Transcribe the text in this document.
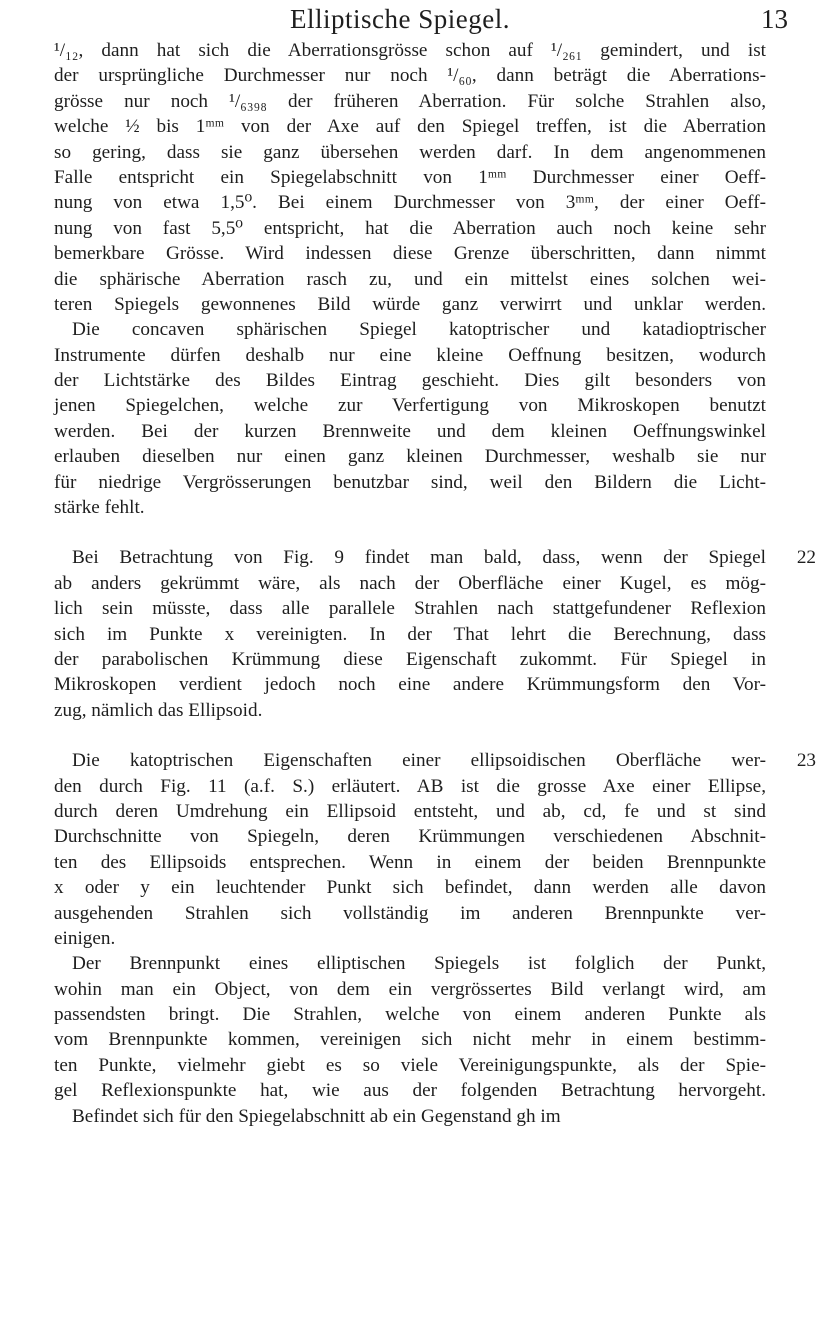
Elliptische Spiegel.	13
¹/₁₂, dann hat sich die Aberrationsgrösse schon auf ¹/₂₆₁ gemindert, und ist
der ursprüngliche Durchmesser nur noch ¹/₆₀, dann beträgt die Aberrations-
grösse nur noch ¹/₆₃₉₈ der früheren Aberration. Für solche Strahlen also,
welche ½ bis 1ᵐᵐ von der Axe auf den Spiegel treffen, ist die Aberration
so gering, dass sie ganz übersehen werden darf. In dem angenommenen
Falle entspricht ein Spiegelabschnitt von 1ᵐᵐ Durchmesser einer Oeff-
nung von etwa 1,5⁰. Bei einem Durchmesser von 3ᵐᵐ, der einer Oeff-
nung von fast 5,5⁰ entspricht, hat die Aberration auch noch keine sehr
bemerkbare Grösse. Wird indessen diese Grenze überschritten, dann nimmt
die sphärische Aberration rasch zu, und ein mittelst eines solchen wei-
teren Spiegels gewonnenes Bild würde ganz verwirrt und unklar werden.
Die concaven sphärischen Spiegel katoptrischer und katadioptrischer
Instrumente dürfen deshalb nur eine kleine Oeffnung besitzen, wodurch
der Lichtstärke des Bildes Eintrag geschieht. Dies gilt besonders von
jenen Spiegelchen, welche zur Verfertigung von Mikroskopen benutzt
werden. Bei der kurzen Brennweite und dem kleinen Oeffnungswinkel
erlauben dieselben nur einen ganz kleinen Durchmesser, weshalb sie nur
für niedrige Vergrösserungen benutzbar sind, weil den Bildern die Licht-
stärke fehlt.
22
Bei Betrachtung von Fig. 9 findet man bald, dass, wenn der Spiegel
ab anders gekrümmt wäre, als nach der Oberfläche einer Kugel, es mög-
lich sein müsste, dass alle parallele Strahlen nach stattgefundener Reflexion
sich im Punkte x vereinigten. In der That lehrt die Berechnung, dass
der parabolischen Krümmung diese Eigenschaft zukommt. Für Spiegel in
Mikroskopen verdient jedoch noch eine andere Krümmungsform den Vor-
zug, nämlich das Ellipsoid.
23
Die katoptrischen Eigenschaften einer ellipsoidischen Oberfläche wer-
den durch Fig. 11 (a.f. S.) erläutert. AB ist die grosse Axe einer Ellipse,
durch deren Umdrehung ein Ellipsoid entsteht, und ab, cd, fe und st sind
Durchschnitte von Spiegeln, deren Krümmungen verschiedenen Abschnit-
ten des Ellipsoids entsprechen. Wenn in einem der beiden Brennpunkte
x oder y ein leuchtender Punkt sich befindet, dann werden alle davon
ausgehenden Strahlen sich vollständig im anderen Brennpunkte ver-
einigen.
Der Brennpunkt eines elliptischen Spiegels ist folglich der Punkt,
wohin man ein Object, von dem ein vergrössertes Bild verlangt wird, am
passendsten bringt. Die Strahlen, welche von einem anderen Punkte als
vom Brennpunkte kommen, vereinigen sich nicht mehr in einem bestimm-
ten Punkte, vielmehr giebt es so viele Vereinigungspunkte, als der Spie-
gel Reflexionspunkte hat, wie aus der folgenden Betrachtung hervorgeht.
Befindet sich für den Spiegelabschnitt ab ein Gegenstand gh im
